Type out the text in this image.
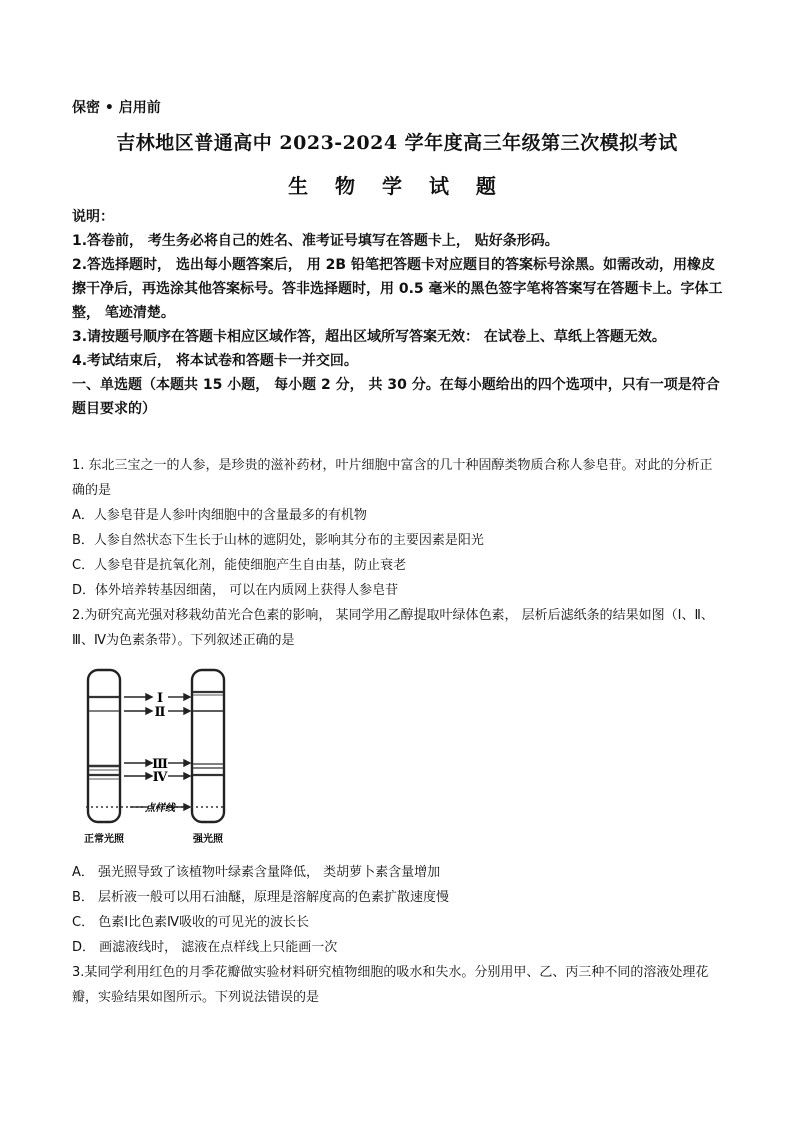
保密 • 启用前
吉林地区普通高中 2023-2024 学年度高三年级第三次模拟考试
生 物 学 试 题

说明：

1.答卷前， 考生务必将自己的姓名、准考证号填写在答题卡上， 贴好条形码。

2.答选择题时， 选出每小题答案后， 用 2B 铅笔把答题卡对应题目的答案标号涂黑。如需改动，用橡皮擦干净后，再选涂其他答案标号。答非选择题时，用 0.5 毫米的黑色签字笔将答案写在答题卡上。字体工整， 笔迹清楚。

3.请按题号顺序在答题卡相应区域作答，超出区域所写答案无效： 在试卷上、草纸上答题无效。

4.考试结束后， 将本试卷和答题卡一并交回。

一、单选题（本题共 15 小题， 每小题 2 分， 共 30 分。在每小题给出的四个选项中，只有一项是符合题目要求的）

1. 东北三宝之一的人参，是珍贵的滋补药材，叶片细胞中富含的几十种固醇类物质合称人参皂苷。对此的分析正确的是

A．人参皂苷是人参叶肉细胞中的含量最多的有机物

B．人参自然状态下生长于山林的遮阴处，影响其分布的主要因素是阳光

C．人参皂苷是抗氧化剂，能使细胞产生自由基，防止衰老

D．体外培养转基因细菌， 可以在内质网上获得人参皂苷

2.为研究高光强对移栽幼苗光合色素的影响， 某同学用乙醇提取叶绿体色素， 层析后滤纸条的结果如图（Ⅰ、Ⅱ、Ⅲ、Ⅳ为色素条带）。下列叙述正确的是

Ⅰ
Ⅱ
Ⅲ
Ⅳ
点样线
正常光照	强光照

A． 强光照导致了该植物叶绿素含量降低， 类胡萝卜素含量增加

B． 层析液一般可以用石油醚，原理是溶解度高的色素扩散速度慢

C． 色素Ⅰ比色素Ⅳ吸收的可见光的波长长

D． 画滤液线时， 滤液在点样线上只能画一次

3.某同学利用红色的月季花瓣做实验材料研究植物细胞的吸水和失水。分别用甲、乙、丙三种不同的溶液处理花瓣，实验结果如图所示。下列说法错误的是
